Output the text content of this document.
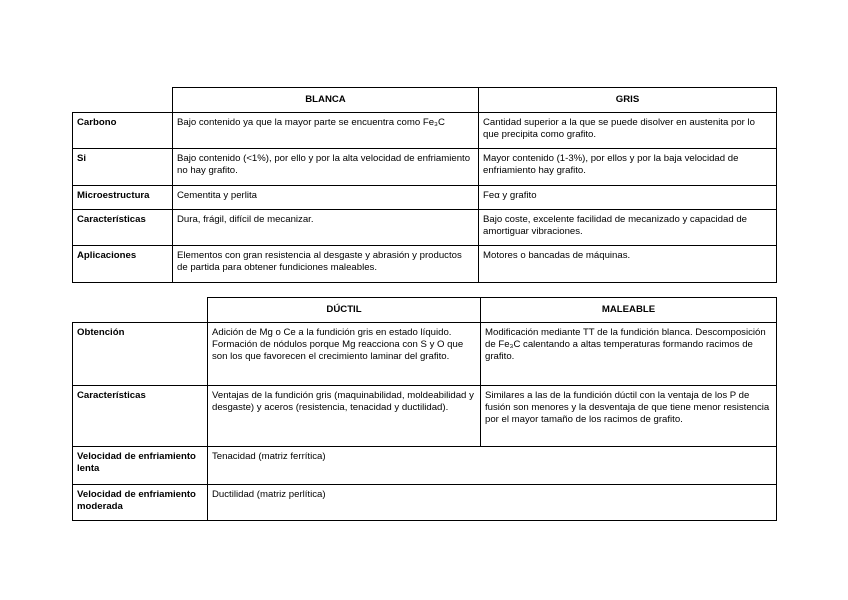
	BLANCA	GRIS
Carbono	Bajo contenido ya que la mayor parte se encuentra como Fe₃C	Cantidad superior a la que se puede disolver en austenita por lo que precipita como grafito.
Si	Bajo contenido (<1%), por ello y por la alta velocidad de enfriamiento no hay grafito.	Mayor contenido (1-3%), por ellos y por la baja velocidad de enfriamiento hay grafito.
Microestructura	Cementita y perlita	Feα y grafito
Características	Dura, frágil, difícil de mecanizar.	Bajo coste, excelente facilidad de mecanizado y capacidad de amortiguar vibraciones.
Aplicaciones	Elementos con gran resistencia al desgaste y abrasión y productos de partida para obtener fundiciones maleables.	Motores o bancadas de máquinas.
	DÚCTIL	MALEABLE
Obtención	Adición de Mg o Ce a la fundición gris en estado líquido. Formación de nódulos porque Mg reacciona con S y O que son los que favorecen el crecimiento laminar del grafito.	Modificación mediante TT de la fundición blanca. Descomposición de Fe₃C calentando a altas temperaturas formando racimos de grafito.
Características	Ventajas de la fundición gris (maquinabilidad, moldeabilidad y desgaste) y aceros (resistencia, tenacidad y ductilidad).	Similares a las de la fundición dúctil con la ventaja de los P de fusión son menores y la desventaja de que tiene menor resistencia por el mayor tamaño de los racimos de grafito.
Velocidad de enfriamiento lenta	Tenacidad (matriz ferrítica)	
Velocidad de enfriamiento moderada	Ductilidad (matriz perlítica)	
